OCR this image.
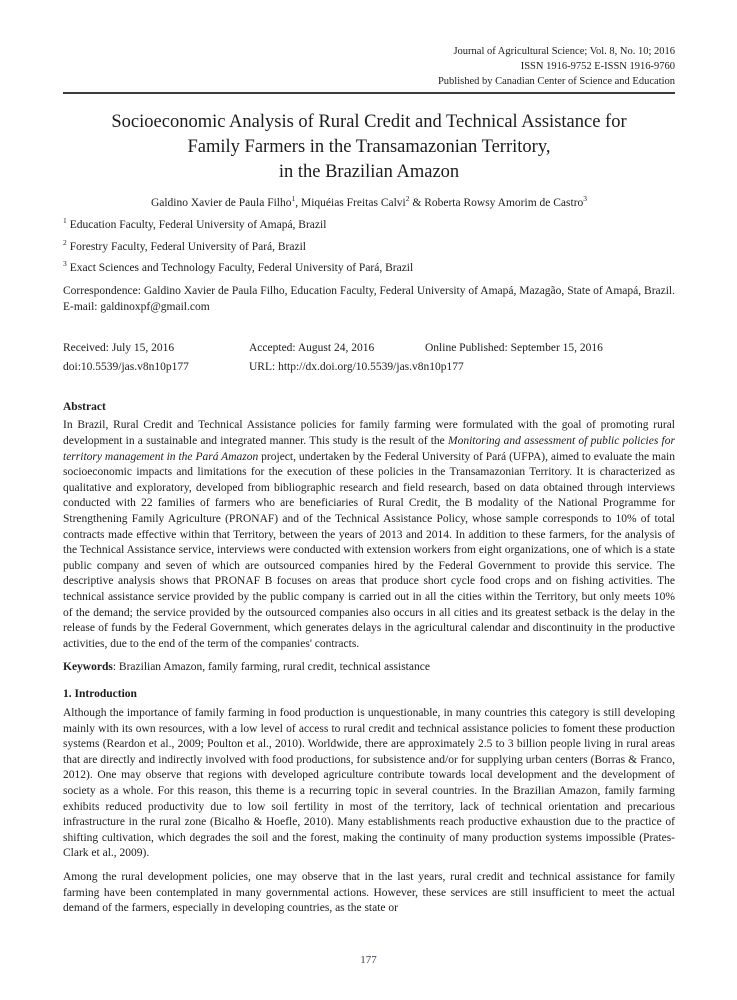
Journal of Agricultural Science; Vol. 8, No. 10; 2016
ISSN 1916-9752 E-ISSN 1916-9760
Published by Canadian Center of Science and Education
Socioeconomic Analysis of Rural Credit and Technical Assistance for
Family Farmers in the Transamazonian Territory,
in the Brazilian Amazon
Galdino Xavier de Paula Filho$^1$, Miquéias Freitas Calvi$^2$ & Roberta Rowsy Amorim de Castro$^3$

$^1$ Education Faculty, Federal University of Amapá, Brazil

$^2$ Forestry Faculty, Federal University of Pará, Brazil

$^3$ Exact Sciences and Technology Faculty, Federal University of Pará, Brazil

Correspondence: Galdino Xavier de Paula Filho, Education Faculty, Federal University of Amapá, Mazagão, State of Amapá, Brazil. E-mail: galdinoxpf@gmail.com

Received: July 15, 2016	Accepted: August 24, 2016	Online Published: September 15, 2016
doi:10.5539/jas.v8n10p177	URL: http://dx.doi.org/10.5539/jas.v8n10p177
Abstract

In Brazil, Rural Credit and Technical Assistance policies for family farming were formulated with the goal of promoting rural development in a sustainable and integrated manner. This study is the result of the Monitoring and assessment of public policies for territory management in the Pará Amazon project, undertaken by the Federal University of Pará (UFPA), aimed to evaluate the main socioeconomic impacts and limitations for the execution of these policies in the Transamazonian Territory. It is characterized as qualitative and exploratory, developed from bibliographic research and field research, based on data obtained through interviews conducted with 22 families of farmers who are beneficiaries of Rural Credit, the B modality of the National Programme for Strengthening Family Agriculture (PRONAF) and of the Technical Assistance Policy, whose sample corresponds to 10% of total contracts made effective within that Territory, between the years of 2013 and 2014. In addition to these farmers, for the analysis of the Technical Assistance service, interviews were conducted with extension workers from eight organizations, one of which is a state public company and seven of which are outsourced companies hired by the Federal Government to provide this service. The descriptive analysis shows that PRONAF B focuses on areas that produce short cycle food crops and on fishing activities. The technical assistance service provided by the public company is carried out in all the cities within the Territory, but only meets 10% of the demand; the service provided by the outsourced companies also occurs in all cities and its greatest setback is the delay in the release of funds by the Federal Government, which generates delays in the agricultural calendar and discontinuity in the productive activities, due to the end of the term of the companies' contracts.

Keywords: Brazilian Amazon, family farming, rural credit, technical assistance

1. Introduction

Although the importance of family farming in food production is unquestionable, in many countries this category is still developing mainly with its own resources, with a low level of access to rural credit and technical assistance policies to foment these production systems (Reardon et al., 2009; Poulton et al., 2010). Worldwide, there are approximately 2.5 to 3 billion people living in rural areas that are directly and indirectly involved with food productions, for subsistence and/or for supplying urban centers (Borras & Franco, 2012). One may observe that regions with developed agriculture contribute towards local development and the development of society as a whole. For this reason, this theme is a recurring topic in several countries. In the Brazilian Amazon, family farming exhibits reduced productivity due to low soil fertility in most of the territory, lack of technical orientation and precarious infrastructure in the rural zone (Bicalho & Hoefle, 2010). Many establishments reach productive exhaustion due to the practice of shifting cultivation, which degrades the soil and the forest, making the continuity of many production systems impossible (Prates-Clark et al., 2009).

Among the rural development policies, one may observe that in the last years, rural credit and technical assistance for family farming have been contemplated in many governmental actions. However, these services are still insufficient to meet the actual demand of the farmers, especially in developing countries, as the state or

177
